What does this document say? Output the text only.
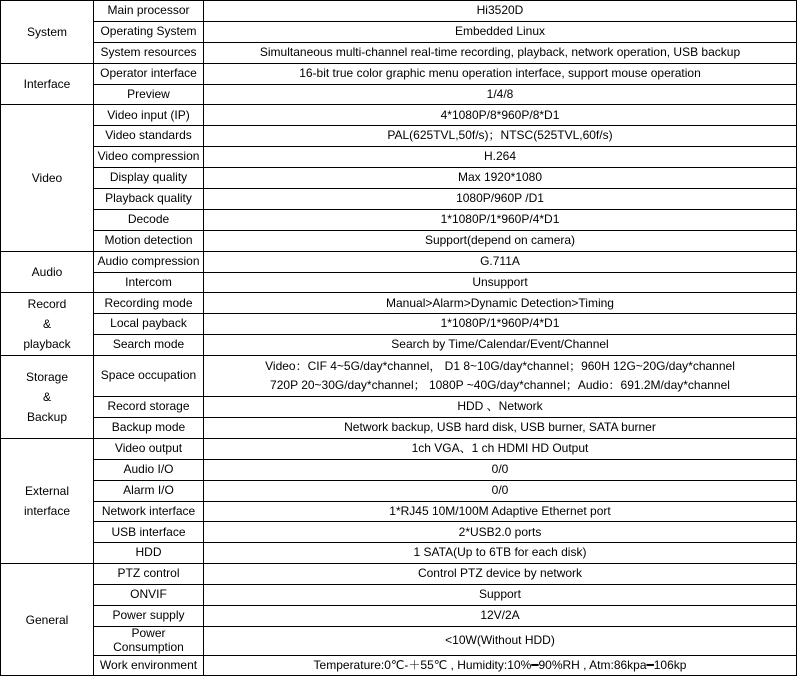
System	Main processor	Hi3520D

	Operating System	Embedded Linux

	System resources	Simultaneous multi-channel real-time recording, playback, network operation, USB backup

Interface	Operator interface	16-bit true color graphic menu operation interface, support mouse operation

	Preview	1/4/8

Video	Video input (IP)	4*1080P/8*960P/8*D1

	Video standards	PAL(625TVL,50f/s)；NTSC(525TVL,60f/s)

	Video compression	H.264

	Display quality	Max 1920*1080

	Playback quality	1080P/960P /D1

	Decode	1*1080P/1*960P/4*D1

	Motion detection	Support(depend on camera)

Audio	Audio compression	G.711A

	Intercom	Unsupport

Record
&
playback	Recording mode	Manual>Alarm>Dynamic Detection>Timing

	Local payback	1*1080P/1*960P/4*D1

	Search mode	Search by Time/Calendar/Event/Channel

Storage
&
Backup	Space occupation	Video：CIF 4~5G/day*channel， D1 8~10G/day*channel；960H 12G~20G/day*channel
720P 20~30G/day*channel； 1080P ~40G/day*channel；Audio：691.2M/day*channel

	Record storage	HDD 、Network

	Backup mode	Network backup, USB hard disk, USB burner, SATA burner

External
interface	Video output	1ch VGA、1 ch HDMI HD Output

	Audio I/O	0/0

	Alarm I/O	0/0

	Network interface	1*RJ45 10M/100M Adaptive Ethernet port

	USB interface	2*USB2.0 ports

	HDD	1 SATA(Up to 6TB for each disk)

General	PTZ control	Control PTZ device by network

	ONVIF	Support

	Power supply	12V/2A

	Power Consumption	<10W(Without HDD)

	Work environment	Temperature:0℃-＋55℃ , Humidity:10%━90%RH , Atm:86kpa━106kp
